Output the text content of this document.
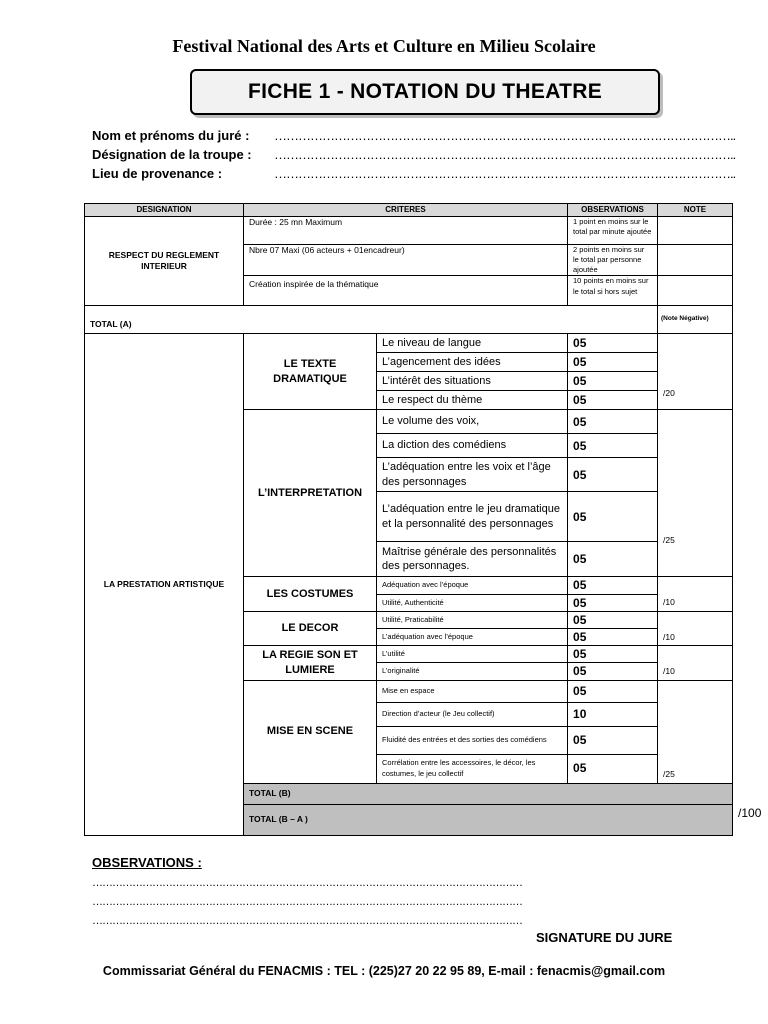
Festival National des Arts et Culture en Milieu Scolaire
FICHE 1 - NOTATION DU THEATRE
Nom et prénoms du juré : ……………………………………………………………………………………………………..
Désignation de la troupe : ……………………………………………………………………………………………………..
Lieu de provenance :	……………………………………………………………………………………………………..
DESIGNATION	CRITERES		OBSERVATIONS	NOTE	
RESPECT DU REGLEMENT INTERIEUR	Durée : 25 mn Maximum		1 point en moins sur le total par minute ajoutée		
	Nbre 07 Maxi (06 acteurs + 01encadreur)		2 points en moins sur le total par personne ajoutée		
	Création inspirée de la thématique		10 points en moins sur le total si hors sujet		
TOTAL (A)				(Note Négative)	
LA PRESTATION ARTISTIQUE	LE TEXTE DRAMATIQUE	Le niveau de langue	05	/20	
		L’agencement des idées	05		
		L’intérêt des situations	05		
		Le respect du thème	05		
	L’INTERPRETATION	Le volume des voix,	05	/25	
		La diction des comédiens	05		
		L’adéquation entre les voix et l’âge des personnages	05		
		L’adéquation entre le jeu dramatique et la personnalité des personnages	05		
		Maîtrise générale des personnalités des personnages.	05		
	LES COSTUMES	Adéquation avec l’époque	05	/10	
		Utilité, Authenticité	05		
	LE DECOR	Utilité, Praticabilité	05	/10	
		L’adéquation avec l’époque	05		
	LA REGIE SON ET LUMIERE	L’utilité	05	/10	
		L’originalité	05		
	MISE EN SCENE	Mise en espace	05	/25	
		Direction d’acteur (le Jeu collectif)	10		
		Fluidité des entrées et des sorties des comédiens	05		
		Corrélation entre les accessoires, le décor, les costumes, le jeu collectif	05		
	TOTAL (B)				
	TOTAL (B – A )				/100
OBSERVATIONS :
…………………………………………………………………………………………………………………
…………………………………………………………………………………………………………………
…………………………………………………………………………………………………………………
SIGNATURE DU JURE
Commissariat Général du FENACMIS : TEL : (225)27 20 22 95 89, E-mail : fenacmis@gmail.com
